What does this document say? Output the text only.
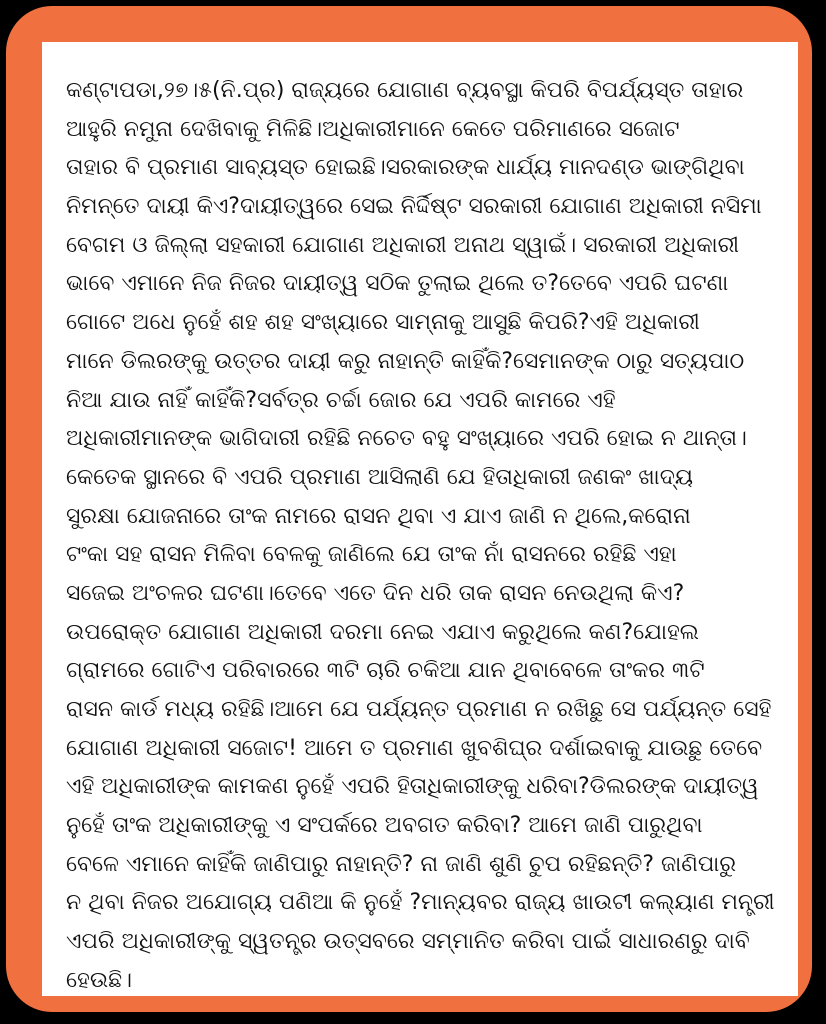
କଣ୍ଟାପଡା,୨୭।୫(ନି.ପ୍ର) ରାଜ୍ୟରେ ଯୋଗାଣ ବ୍ୟବସ୍ଥା କିପରି ବିପର୍ଯ୍ୟସ୍ତ ତାହାର
ଆହୁରି ନମୁନା ଦେଖିବାକୁ ମିଳିଛି।ଅଧିକାରୀମାନେ କେତେ ପରିମାଣରେ ସଜୋଟ
ତାହାର ବି ପ୍ରମାଣ ସାବ୍ୟସ୍ତ ହୋଇଛି।ସରକାରଙ୍କ ଧାର୍ଯ୍ୟ ମାନଦଣ୍ଡ ଭାଙ୍ଗିଥିବା
ନିମନ୍ତେ ଦାୟୀ କିଏ?ଦାୟୀତ୍ୱରେ ସେଇ ନିର୍ଦ୍ଦିଷ୍ଟ ସରକାରୀ ଯୋଗାଣ ଅଧିକାରୀ ନସିମା
ବେଗମ ଓ ଜିଲ୍ଲା ସହକାରୀ ଯୋଗାଣ ଅଧିକାରୀ ଅନାଥ ସ୍ୱାଇଁ। ସରକାରୀ ଅଧିକାରୀ
ଭାବେ ଏମାନେ ନିଜ ନିଜର ଦାୟୀତ୍ୱ ସଠିକ ତୁଲାଇ ଥିଲେ ତ?ତେବେ ଏପରି ଘଟଣା
ଗୋଟେ ଅଧେ ନୁହେଁ ଶହ ଶହ ସଂଖ୍ୟାରେ ସାମ୍ନାକୁ ଆସୁଛି କିପରି?ଏହି ଅଧିକାରୀ
ମାନେ ଡିଲରଙ୍କୁ ଉତ୍ତର ଦାୟୀ କରୁ ନାହାନ୍ତି କାହିଁକି?ସେମାନଙ୍କ ଠାରୁ ସତ୍ୟପାଠ
ନିଆ ଯାଉ ନାହିଁ କାହିଁକି?ସର୍ବତ୍ର ଚର୍ଚ୍ଚା ଜୋର ଯେ ଏପରି କାମରେ ଏହି
ଅଧିକାରୀମାନଙ୍କ ଭାଗିଦାରୀ ରହିଛି ନଚେତ ବହୁ ସଂଖ୍ୟାରେ ଏପରି ହୋଇ ନ ଥାନ୍ତା।
କେତେକ ସ୍ଥାନରେ ବି ଏପରି ପ୍ରମାଣ ଆସିଲାଣି ଯେ ହିତାଧିକାରୀ ଜଣକଂ ଖାଦ୍ୟ
ସୁରକ୍ଷା ଯୋଜନାରେ ତାଂକ ନାମରେ ରାସନ ଥିବା ଏ ଯାଏ ଜାଣି ନ ଥିଲେ,କରୋନା
ଟଂକା ସହ ରାସନ ମିଳିବା ବେଳକୁ ଜାଣିଲେ ଯେ ତାଂକ ନାଁ ରାସନରେ ରହିଛି ଏହା
ସଜେଇ ଅଂଚଳର ଘଟଣା।ତେବେ ଏତେ ଦିନ ଧରି ତାକ ରାସନ ନେଉଥିଲା କିଏ?
ଉପରୋକ୍ତ ଯୋଗାଣ ଅଧିକାରୀ ଦରମା ନେଇ ଏଯାଏ କରୁଥିଲେ କଣ?ଯୋହଲ
ଗ୍ରାମରେ ଗୋଟିଏ ପରିବାରରେ ୩ଟି ଚାରି ଚକିଆ ଯାନ ଥିବାବେଳେ ତାଂକର ୩ଟି
ରାସନ କାର୍ଡ ମଧ୍ୟ ରହିଛି।ଆମେ ଯେ ପର୍ଯ୍ୟନ୍ତ ପ୍ରମାଣ ନ ରଖିଛୁ ସେ ପର୍ଯ୍ୟନ୍ତ ସେହି
ଯୋଗାଣ ଅଧିକାରୀ ସଜୋଟ! ଆମେ ତ ପ୍ରମାଣ ଖୁବଶିଘ୍ର ଦର୍ଶାଇବାକୁ ଯାଉଛୁ ତେବେ
ଏହି ଅଧିକାରୀଙ୍କ କାମକଣ ନୁହେଁ ଏପରି ହିତାଧିକାରୀଙ୍କୁ ଧରିବା?ଡିଲରଙ୍କ ଦାୟୀତ୍ୱ
ନୁହେଁ ତାଂକ ଅଧିକାରୀଙ୍କୁ ଏ ସଂପର୍କରେ ଅବଗତ କରିବା? ଆମେ ଜାଣି ପାରୁଥିବା
ବେଳେ ଏମାନେ କାହିଁକି ଜାଣିପାରୁ ନାହାନ୍ତି? ନା ଜାଣି ଶୁଣି ଚୁପ ରହିଛନ୍ତି? ଜାଣିପାରୁ
ନ ଥିବା ନିଜର ଅଯୋଗ୍ୟ ପଣିଆ କି ନୁହେଁ ?ମାନ୍ୟବର ରାଜ୍ୟ ଖାଉଟୀ କଲ୍ୟାଣ ମନ୍ତ୍ରୀ
ଏପରି ଅଧିକାରୀଙ୍କୁ ସ୍ୱତନ୍ତ୍ର ଉତ୍ସବରେ ସମ୍ମାନିତ କରିବା ପାଇଁ ସାଧାରଣରୁ ଦାବି
ହେଉଛି।
